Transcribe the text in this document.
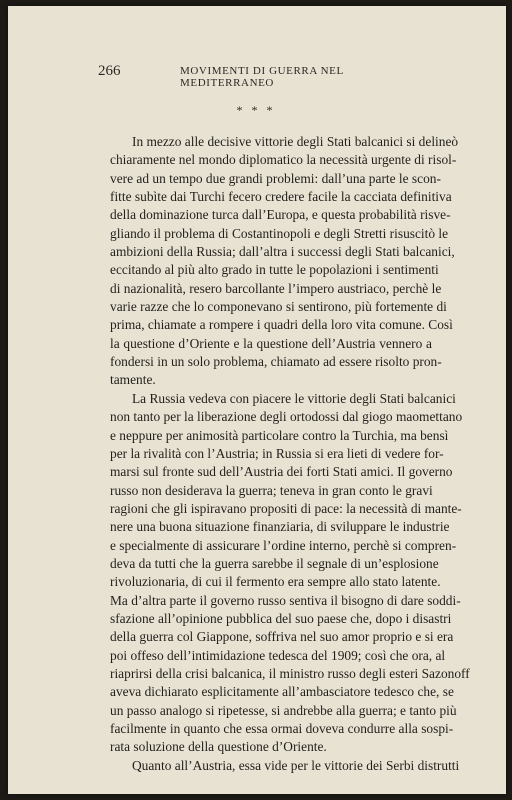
266	MOVIMENTI DI GUERRA NEL MEDITERRANEO
* * *

In mezzo alle decisive vittorie degli Stati balcanici si delineò
chiaramente nel mondo diplomatico la necessità urgente di risol-
vere ad un tempo due grandi problemi: dall’una parte le scon-
fitte subìte dai Turchi fecero credere facile la cacciata definitiva
della dominazione turca dall’Europa, e questa probabilità risve-
gliando il problema di Costantinopoli e degli Stretti risuscitò le
ambizioni della Russia; dall’altra i successi degli Stati balcanici,
eccitando al più alto grado in tutte le popolazioni i sentimenti
di nazionalità, resero barcollante l’impero austriaco, perchè le
varie razze che lo componevano si sentirono, più fortemente di
prima, chiamate a rompere i quadri della loro vita comune. Così
la questione d’Oriente e la questione dell’Austria vennero a
fondersi in un solo problema, chiamato ad essere risolto pron-
tamente.

La Russia vedeva con piacere le vittorie degli Stati balcanici
non tanto per la liberazione degli ortodossi dal giogo maomettano
e neppure per animosità particolare contro la Turchia, ma bensì
per la rivalità con l’Austria; in Russia si era lieti di vedere for-
marsi sul fronte sud dell’Austria dei forti Stati amici. Il governo
russo non desiderava la guerra; teneva in gran conto le gravi
ragioni che gli ispiravano propositi di pace: la necessità di mante-
nere una buona situazione finanziaria, di sviluppare le industrie
e specialmente di assicurare l’ordine interno, perchè si compren-
deva da tutti che la guerra sarebbe il segnale di un’esplosione
rivoluzionaria, di cui il fermento era sempre allo stato latente.
Ma d’altra parte il governo russo sentiva il bisogno di dare soddi-
sfazione all’opinione pubblica del suo paese che, dopo i disastri
della guerra col Giappone, soffriva nel suo amor proprio e si era
poi offeso dell’intimidazione tedesca del 1909; così che ora, al
riaprirsi della crisi balcanica, il ministro russo degli esteri Sazonoff
aveva dichiarato esplicitamente all’ambasciatore tedesco che, se
un passo analogo si ripetesse, si andrebbe alla guerra; e tanto più
facilmente in quanto che essa ormai doveva condurre alla sospi-
rata soluzione della questione d’Oriente.

Quanto all’Austria, essa vide per le vittorie dei Serbi distrutti
